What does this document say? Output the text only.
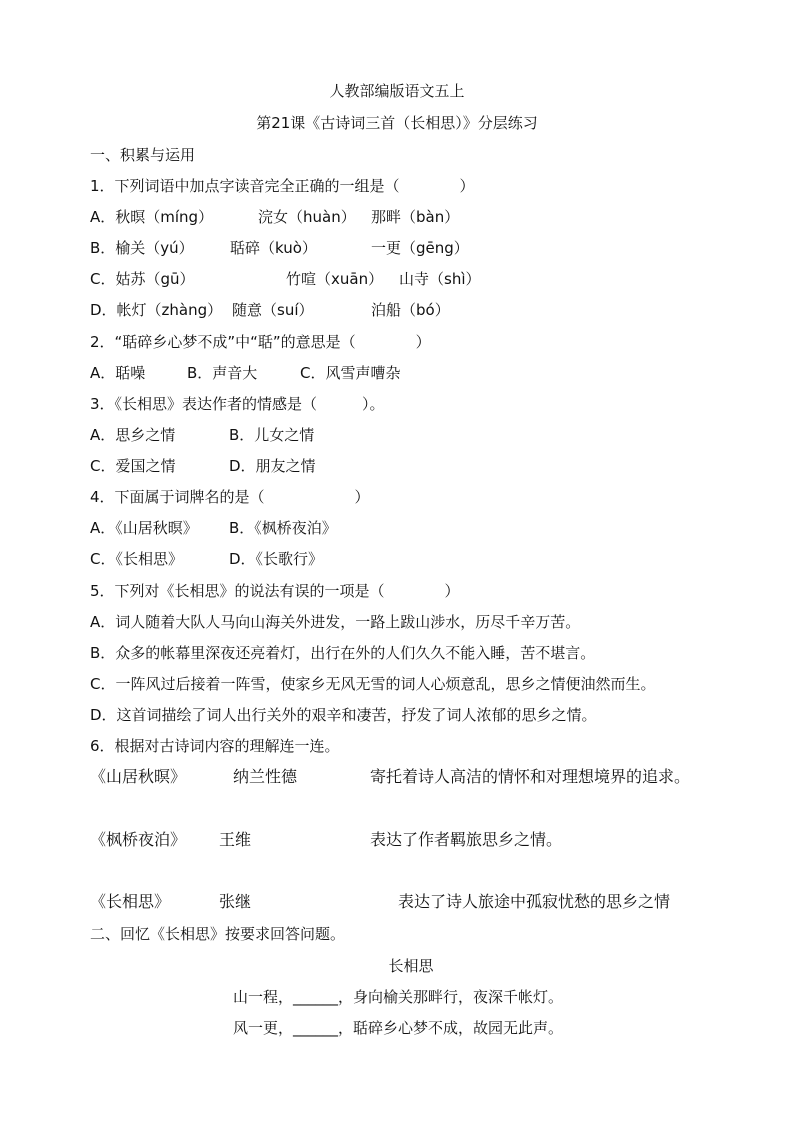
人教部编版语文五上
第21课《古诗词三首（长相思）》分层练习
一、积累与运用
1．下列词语中加点字读音完全正确的一组是（　　　　）
A．秋暝（míng）	浣女（huàn） 那畔（bàn）
B．榆关（yú） 聒碎（kuò）	一更（gēng）
C．姑苏（gū）	竹喧（xuān） 山寺（shì）
D．帐灯（zhàng） 随意（suí）	泊船（bó）
2．“聒碎乡心梦不成”中“聒”的意思是（　　　　）
A．聒噪	B．声音大	C．风雪声嘈杂
3．《长相思》表达作者的情感是（　　　）。
A．思乡之情	B．儿女之情
C．爱国之情	D．朋友之情
4．下面属于词牌名的是（　　　　　　）
A．《山居秋暝》 B．《枫桥夜泊》
C．《长相思》	D．《长歌行》
5．下列对《长相思》的说法有误的一项是（　　　　）
A．词人随着大队人马向山海关外进发，一路上跋山涉水，历尽千辛万苦。
B．众多的帐幕里深夜还亮着灯，出行在外的人们久久不能入睡，苦不堪言。
C．一阵风过后接着一阵雪，使家乡无风无雪的词人心烦意乱，思乡之情便油然而生。
D．这首词描绘了词人出行关外的艰辛和凄苦，抒发了词人浓郁的思乡之情。
6．根据对古诗词内容的理解连一连。
《山居秋暝》	纳兰性德	寄托着诗人高洁的情怀和对理想境界的追求。
《枫桥夜泊》 王维	表达了作者羁旅思乡之情。
《长相思》	张继	表达了诗人旅途中孤寂忧愁的思乡之情
二、回忆《长相思》按要求回答问题。
长相思
山一程，______，身向榆关那畔行，夜深千帐灯。
风一更，______，聒碎乡心梦不成，故园无此声。
